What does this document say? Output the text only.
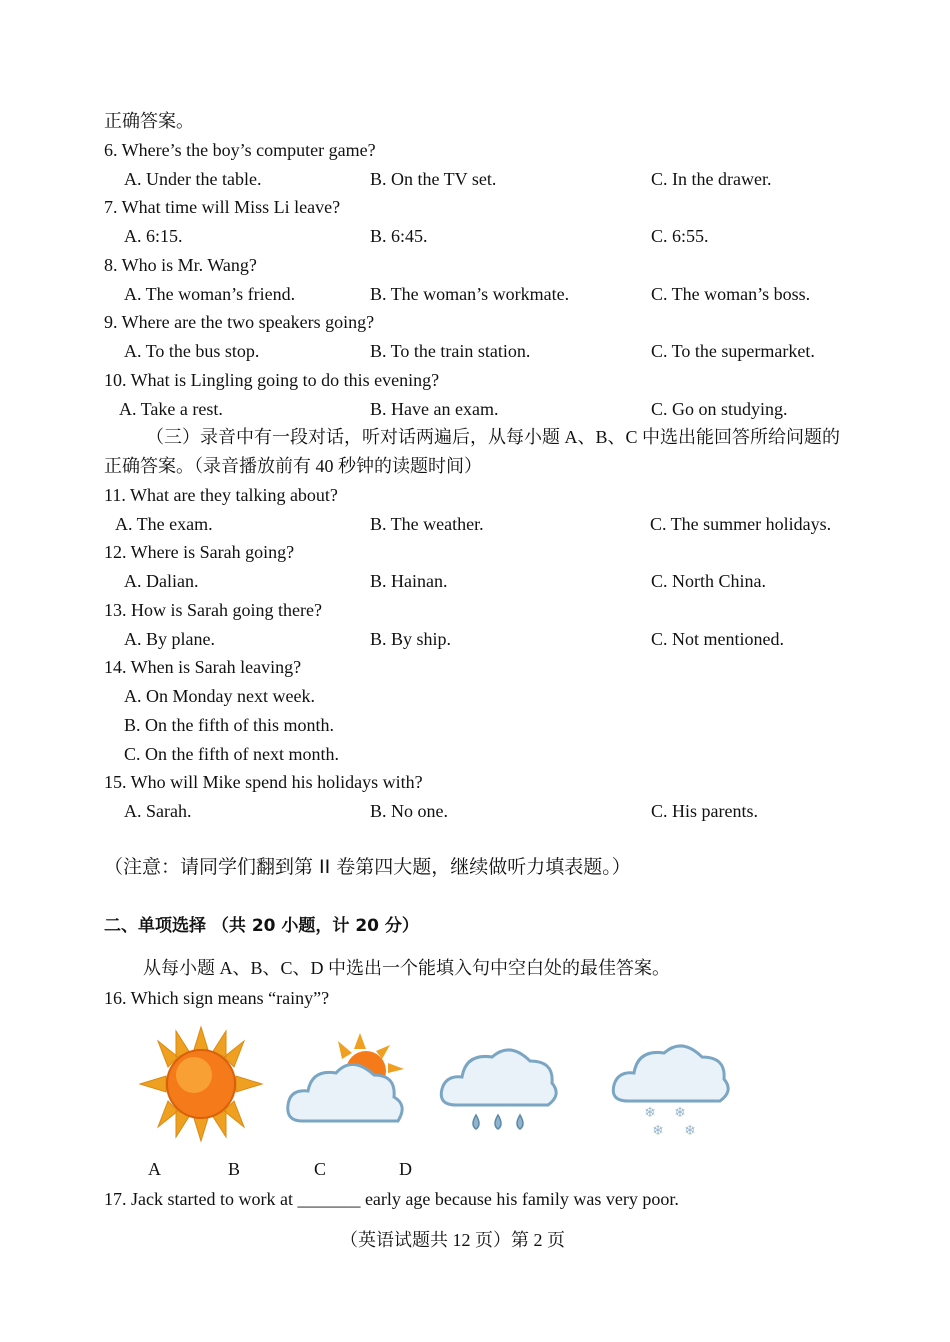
正确答案。
6. Where’s the boy’s computer game?
A. Under the table.	B. On the TV set.	C. In the drawer.
7. What time will Miss Li leave?
A. 6:15.	B. 6:45.	C. 6:55.
8. Who is Mr. Wang?
A. The woman’s friend.	B. The woman’s workmate.	C. The woman’s boss.
9. Where are the two speakers going?
A. To the bus stop.	B. To the train station.	C. To the supermarket.
10. What is Lingling going to do this evening?
A. Take a rest.	B. Have an exam.	C. Go on studying.
（三）录音中有一段对话，听对话两遍后，从每小题 A、B、C 中选出能回答所给问题的
正确答案。（录音播放前有 40 秒钟的读题时间）
11. What are they talking about?
A. The exam.	B. The weather.	C. The summer holidays.
12. Where is Sarah going?
A. Dalian.	B. Hainan.	C. North China.
13. How is Sarah going there?
A. By plane.	B. By ship.	C. Not mentioned.
14. When is Sarah leaving?
A. On Monday next week.
B. On the fifth of this month.
C. On the fifth of next month.
15. Who will Mike spend his holidays with?
A. Sarah.	B. No one.	C. His parents.
（注意：请同学们翻到第 II 卷第四大题，继续做听力填表题。）
二、单项选择 （共 20 小题，计 20 分）
从每小题 A、B、C、D 中选出一个能填入句中空白处的最佳答案。
16. Which sign means “rainy”?
❄ ❄
❄ ❄
A	B	C	D
17. Jack started to work at _______ early age because his family was very poor.
（英语试题共 12 页）第 2 页
